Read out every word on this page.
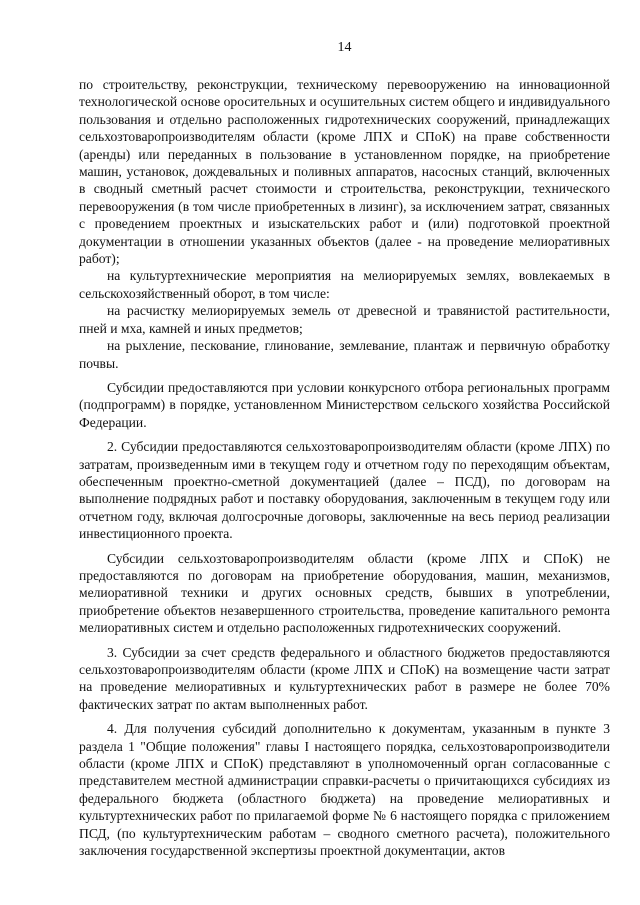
14

по строительству, реконструкции, техническому перевооружению на инновационной технологической основе оросительных и осушительных систем общего и индивидуального пользования и отдельно расположенных гидротехнических сооружений, принадлежащих сельхозтоваропроизводителям области (кроме ЛПХ и СПоК) на праве собственности (аренды) или переданных в пользование в установленном порядке, на приобретение машин, установок, дождевальных и поливных аппаратов, насосных станций, включенных в сводный сметный расчет стоимости и строительства, реконструкции, технического перевооружения (в том числе приобретенных в лизинг), за исключением затрат, связанных с проведением проектных и изыскательских работ и (или) подготовкой проектной документации в отношении указанных объектов (далее - на проведение мелиоративных работ);

на культуртехнические мероприятия на мелиорируемых землях, вовлекаемых в сельскохозяйственный оборот, в том числе:

на расчистку мелиорируемых земель от древесной и травянистой растительности, пней и мха, камней и иных предметов;

на рыхление, пескование, глинование, землевание, плантаж и первичную обработку почвы.

Субсидии предоставляются при условии конкурсного отбора региональных программ (подпрограмм) в порядке, установленном Министерством сельского хозяйства Российской Федерации.

2. Субсидии предоставляются сельхозтоваропроизводителям области (кроме ЛПХ) по затратам, произведенным ими в текущем году и отчетном году по переходящим объектам, обеспеченным проектно-сметной документацией (далее – ПСД), по договорам на выполнение подрядных работ и поставку оборудования, заключенным в текущем году или отчетном году, включая долгосрочные договоры, заключенные на весь период реализации инвестиционного проекта.

Субсидии сельхозтоваропроизводителям области (кроме ЛПХ и СПоК) не предоставляются по договорам на приобретение оборудования, машин, механизмов, мелиоративной техники и других основных средств, бывших в употреблении, приобретение объектов незавершенного строительства, проведение капитального ремонта мелиоративных систем и отдельно расположенных гидротехнических сооружений.

3. Субсидии за счет средств федерального и областного бюджетов предоставляются сельхозтоваропроизводителям области (кроме ЛПХ и СПоК) на возмещение части затрат на проведение мелиоративных и культуртехнических работ в размере не более 70% фактических затрат по актам выполненных работ.

4. Для получения субсидий дополнительно к документам, указанным в пункте 3 раздела 1 "Общие положения" главы I настоящего порядка, сельхозтоваропроизводители области (кроме ЛПХ и СПоК) представляют в уполномоченный орган согласованные с представителем местной администрации справки-расчеты о причитающихся субсидиях из федерального бюджета (областного бюджета) на проведение мелиоративных и культуртехнических работ по прилагаемой форме № 6 настоящего порядка с приложением ПСД, (по культуртехническим работам – сводного сметного расчета), положительного заключения государственной экспертизы проектной документации, актов
